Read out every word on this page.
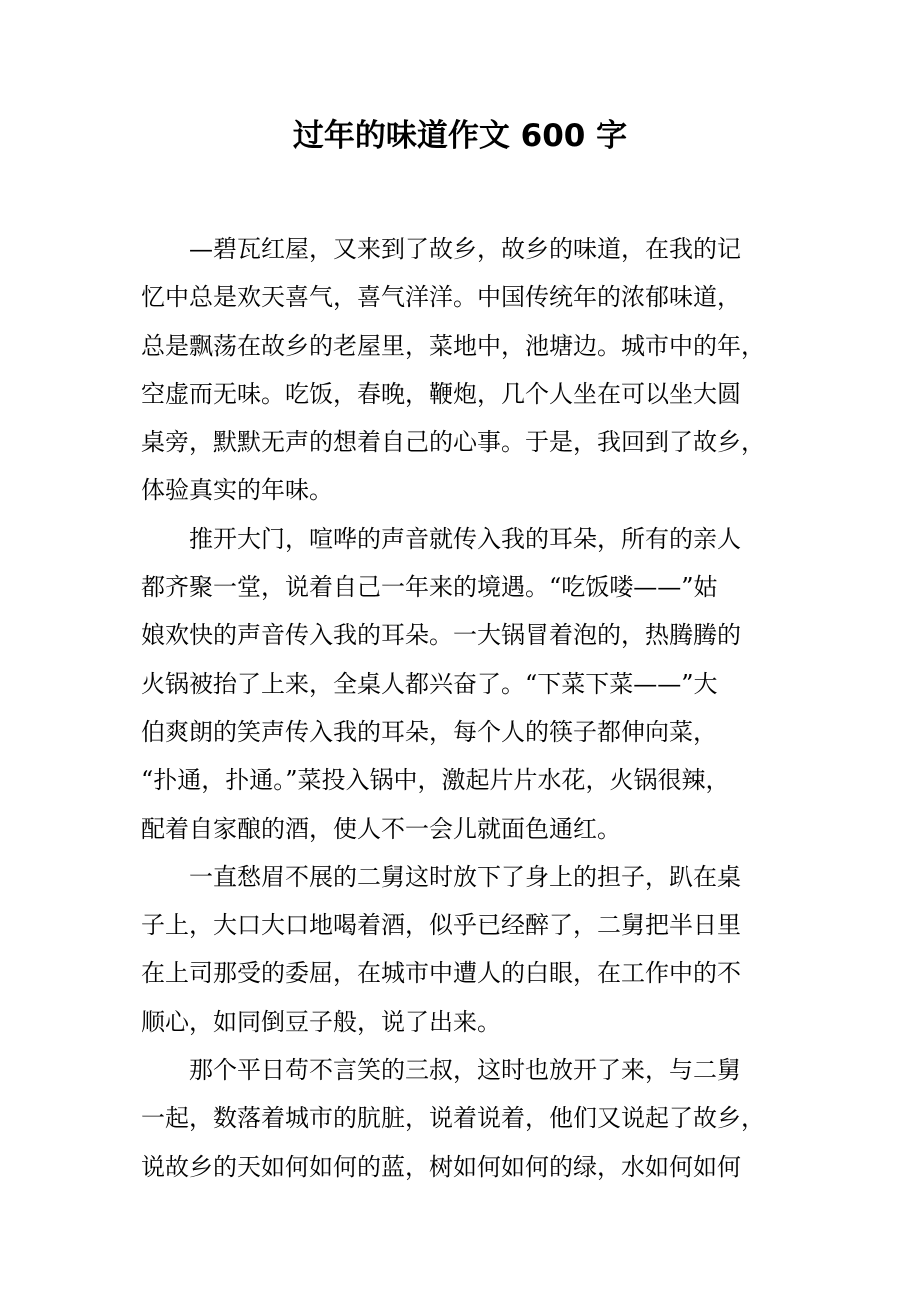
过年的味道作文 600 字

—碧瓦红屋，又来到了故乡，故乡的味道，在我的记
忆中总是欢天喜气，喜气洋洋。中国传统年的浓郁味道，
总是飘荡在故乡的老屋里，菜地中，池塘边。城市中的年，
空虚而无味。吃饭，春晚，鞭炮，几个人坐在可以坐大圆
桌旁，默默无声的想着自己的心事。于是，我回到了故乡，
体验真实的年味。

推开大门，喧哗的声音就传入我的耳朵，所有的亲人
都齐聚一堂，说着自己一年来的境遇。“吃饭喽——”姑
娘欢快的声音传入我的耳朵。一大锅冒着泡的，热腾腾的
火锅被抬了上来，全桌人都兴奋了。“下菜下菜——”大
伯爽朗的笑声传入我的耳朵，每个人的筷子都伸向菜，
“扑通，扑通。”菜投入锅中，激起片片水花，火锅很辣，
配着自家酿的酒，使人不一会儿就面色通红。

一直愁眉不展的二舅这时放下了身上的担子，趴在桌
子上，大口大口地喝着酒，似乎已经醉了，二舅把半日里
在上司那受的委屈，在城市中遭人的白眼，在工作中的不
顺心，如同倒豆子般，说了出来。

那个平日苟不言笑的三叔，这时也放开了来，与二舅
一起，数落着城市的肮脏，说着说着，他们又说起了故乡，
说故乡的天如何如何的蓝，树如何如何的绿，水如何如何
